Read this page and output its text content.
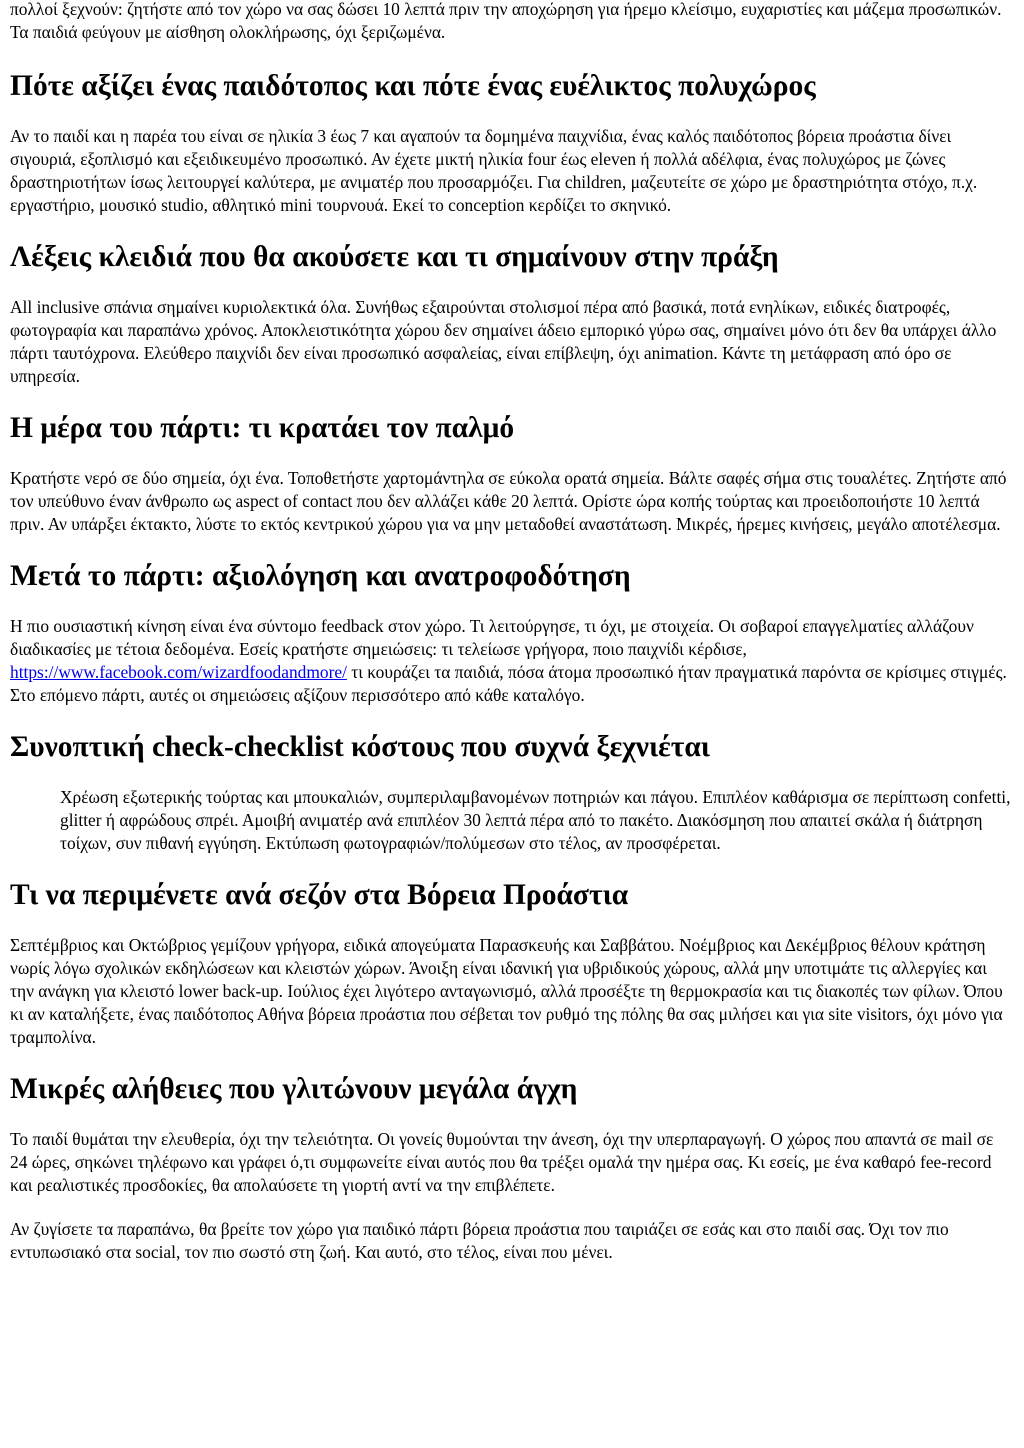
πολλοί ξεχνούν: ζητήστε από τον χώρο να σας δώσει 10 λεπτά πριν την αποχώρηση για ήρεμο κλείσιμο, ευχαριστίες και μάζεμα προσωπικών. Τα παιδιά φεύγουν με αίσθηση ολοκλήρωσης, όχι ξεριζωμένα.

Πότε αξίζει ένας παιδότοπος και πότε ένας ευέλικτος πολυχώρος

Αν το παιδί και η παρέα του είναι σε ηλικία 3 έως 7 και αγαπούν τα δομημένα παιχνίδια, ένας καλός παιδότοπος βόρεια προάστια δίνει σιγουριά, εξοπλισμό και εξειδικευμένο προσωπικό. Αν έχετε μικτή ηλικία four έως eleven ή πολλά αδέλφια, ένας πολυχώρος με ζώνες δραστηριοτήτων ίσως λειτουργεί καλύτερα, με ανιματέρ που προσαρμόζει. Για children, μαζευτείτε σε χώρο με δραστηριότητα στόχο, π.χ. εργαστήριο, μουσικό studio, αθλητικό mini τουρνουά. Εκεί το conception κερδίζει το σκηνικό.

Λέξεις κλειδιά που θα ακούσετε και τι σημαίνουν στην πράξη

All inclusive σπάνια σημαίνει κυριολεκτικά όλα. Συνήθως εξαιρούνται στολισμοί πέρα από βασικά, ποτά ενηλίκων, ειδικές διατροφές, φωτογραφία και παραπάνω χρόνος. Αποκλειστικότητα χώρου δεν σημαίνει άδειο εμπορικό γύρω σας, σημαίνει μόνο ότι δεν θα υπάρχει άλλο πάρτι ταυτόχρονα. Ελεύθερο παιχνίδι δεν είναι προσωπικό ασφαλείας, είναι επίβλεψη, όχι animation. Κάντε τη μετάφραση από όρο σε υπηρεσία.

Η μέρα του πάρτι: τι κρατάει τον παλμό

Κρατήστε νερό σε δύο σημεία, όχι ένα. Τοποθετήστε χαρτομάντηλα σε εύκολα ορατά σημεία. Βάλτε σαφές σήμα στις τουαλέτες. Ζητήστε από τον υπεύθυνο έναν άνθρωπο ως aspect of contact που δεν αλλάζει κάθε 20 λεπτά. Ορίστε ώρα κοπής τούρτας και προειδοποιήστε 10 λεπτά πριν. Αν υπάρξει έκτακτο, λύστε το εκτός κεντρικού χώρου για να μην μεταδοθεί αναστάτωση. Μικρές, ήρεμες κινήσεις, μεγάλο αποτέλεσμα.

Μετά το πάρτι: αξιολόγηση και ανατροφοδότηση

Η πιο ουσιαστική κίνηση είναι ένα σύντομο feedback στον χώρο. Τι λειτούργησε, τι όχι, με στοιχεία. Οι σοβαροί επαγγελματίες αλλάζουν διαδικασίες με τέτοια δεδομένα. Εσείς κρατήστε σημειώσεις: τι τελείωσε γρήγορα, ποιο παιχνίδι κέρδισε, https://www.facebook.com/wizardfoodandmore/ τι κουράζει τα παιδιά, πόσα άτομα προσωπικό ήταν πραγματικά παρόντα σε κρίσιμες στιγμές. Στο επόμενο πάρτι, αυτές οι σημειώσεις αξίζουν περισσότερο από κάθε καταλόγο.

Συνοπτική check-checklist κόστους που συχνά ξεχνιέται

Χρέωση εξωτερικής τούρτας και μπουκαλιών, συμπεριλαμβανομένων ποτηριών και πάγου. Επιπλέον καθάρισμα σε περίπτωση confetti, glitter ή αφρώδους σπρέι. Αμοιβή ανιματέρ ανά επιπλέον 30 λεπτά πέρα από το πακέτο. Διακόσμηση που απαιτεί σκάλα ή διάτρηση τοίχων, συν πιθανή εγγύηση. Εκτύπωση φωτογραφιών/πολύμεσων στο τέλος, αν προσφέρεται.

Τι να περιμένετε ανά σεζόν στα Βόρεια Προάστια

Σεπτέμβριος και Οκτώβριος γεμίζουν γρήγορα, ειδικά απογεύματα Παρασκευής και Σαββάτου. Νοέμβριος και Δεκέμβριος θέλουν κράτηση νωρίς λόγω σχολικών εκδηλώσεων και κλειστών χώρων. Άνοιξη είναι ιδανική για υβριδικούς χώρους, αλλά μην υποτιμάτε τις αλλεργίες και την ανάγκη για κλειστό lower back-up. Ιούλιος έχει λιγότερο ανταγωνισμό, αλλά προσέξτε τη θερμοκρασία και τις διακοπές των φίλων. Όπου κι αν καταλήξετε, ένας παιδότοπος Αθήνα βόρεια προάστια που σέβεται τον ρυθμό της πόλης θα σας μιλήσει και για site visitors, όχι μόνο για τραμπολίνα.

Μικρές αλήθειες που γλιτώνουν μεγάλα άγχη

Το παιδί θυμάται την ελευθερία, όχι την τελειότητα. Οι γονείς θυμούνται την άνεση, όχι την υπερπαραγωγή. Ο χώρος που απαντά σε mail σε 24 ώρες, σηκώνει τηλέφωνο και γράφει ό,τι συμφωνείτε είναι αυτός που θα τρέξει ομαλά την ημέρα σας. Κι εσείς, με ένα καθαρό fee-record και ρεαλιστικές προσδοκίες, θα απολαύσετε τη γιορτή αντί να την επιβλέπετε.

Αν ζυγίσετε τα παραπάνω, θα βρείτε τον χώρο για παιδικό πάρτι βόρεια προάστια που ταιριάζει σε εσάς και στο παιδί σας. Όχι τον πιο εντυπωσιακό στα social, τον πιο σωστό στη ζωή. Και αυτό, στο τέλος, είναι που μένει.
